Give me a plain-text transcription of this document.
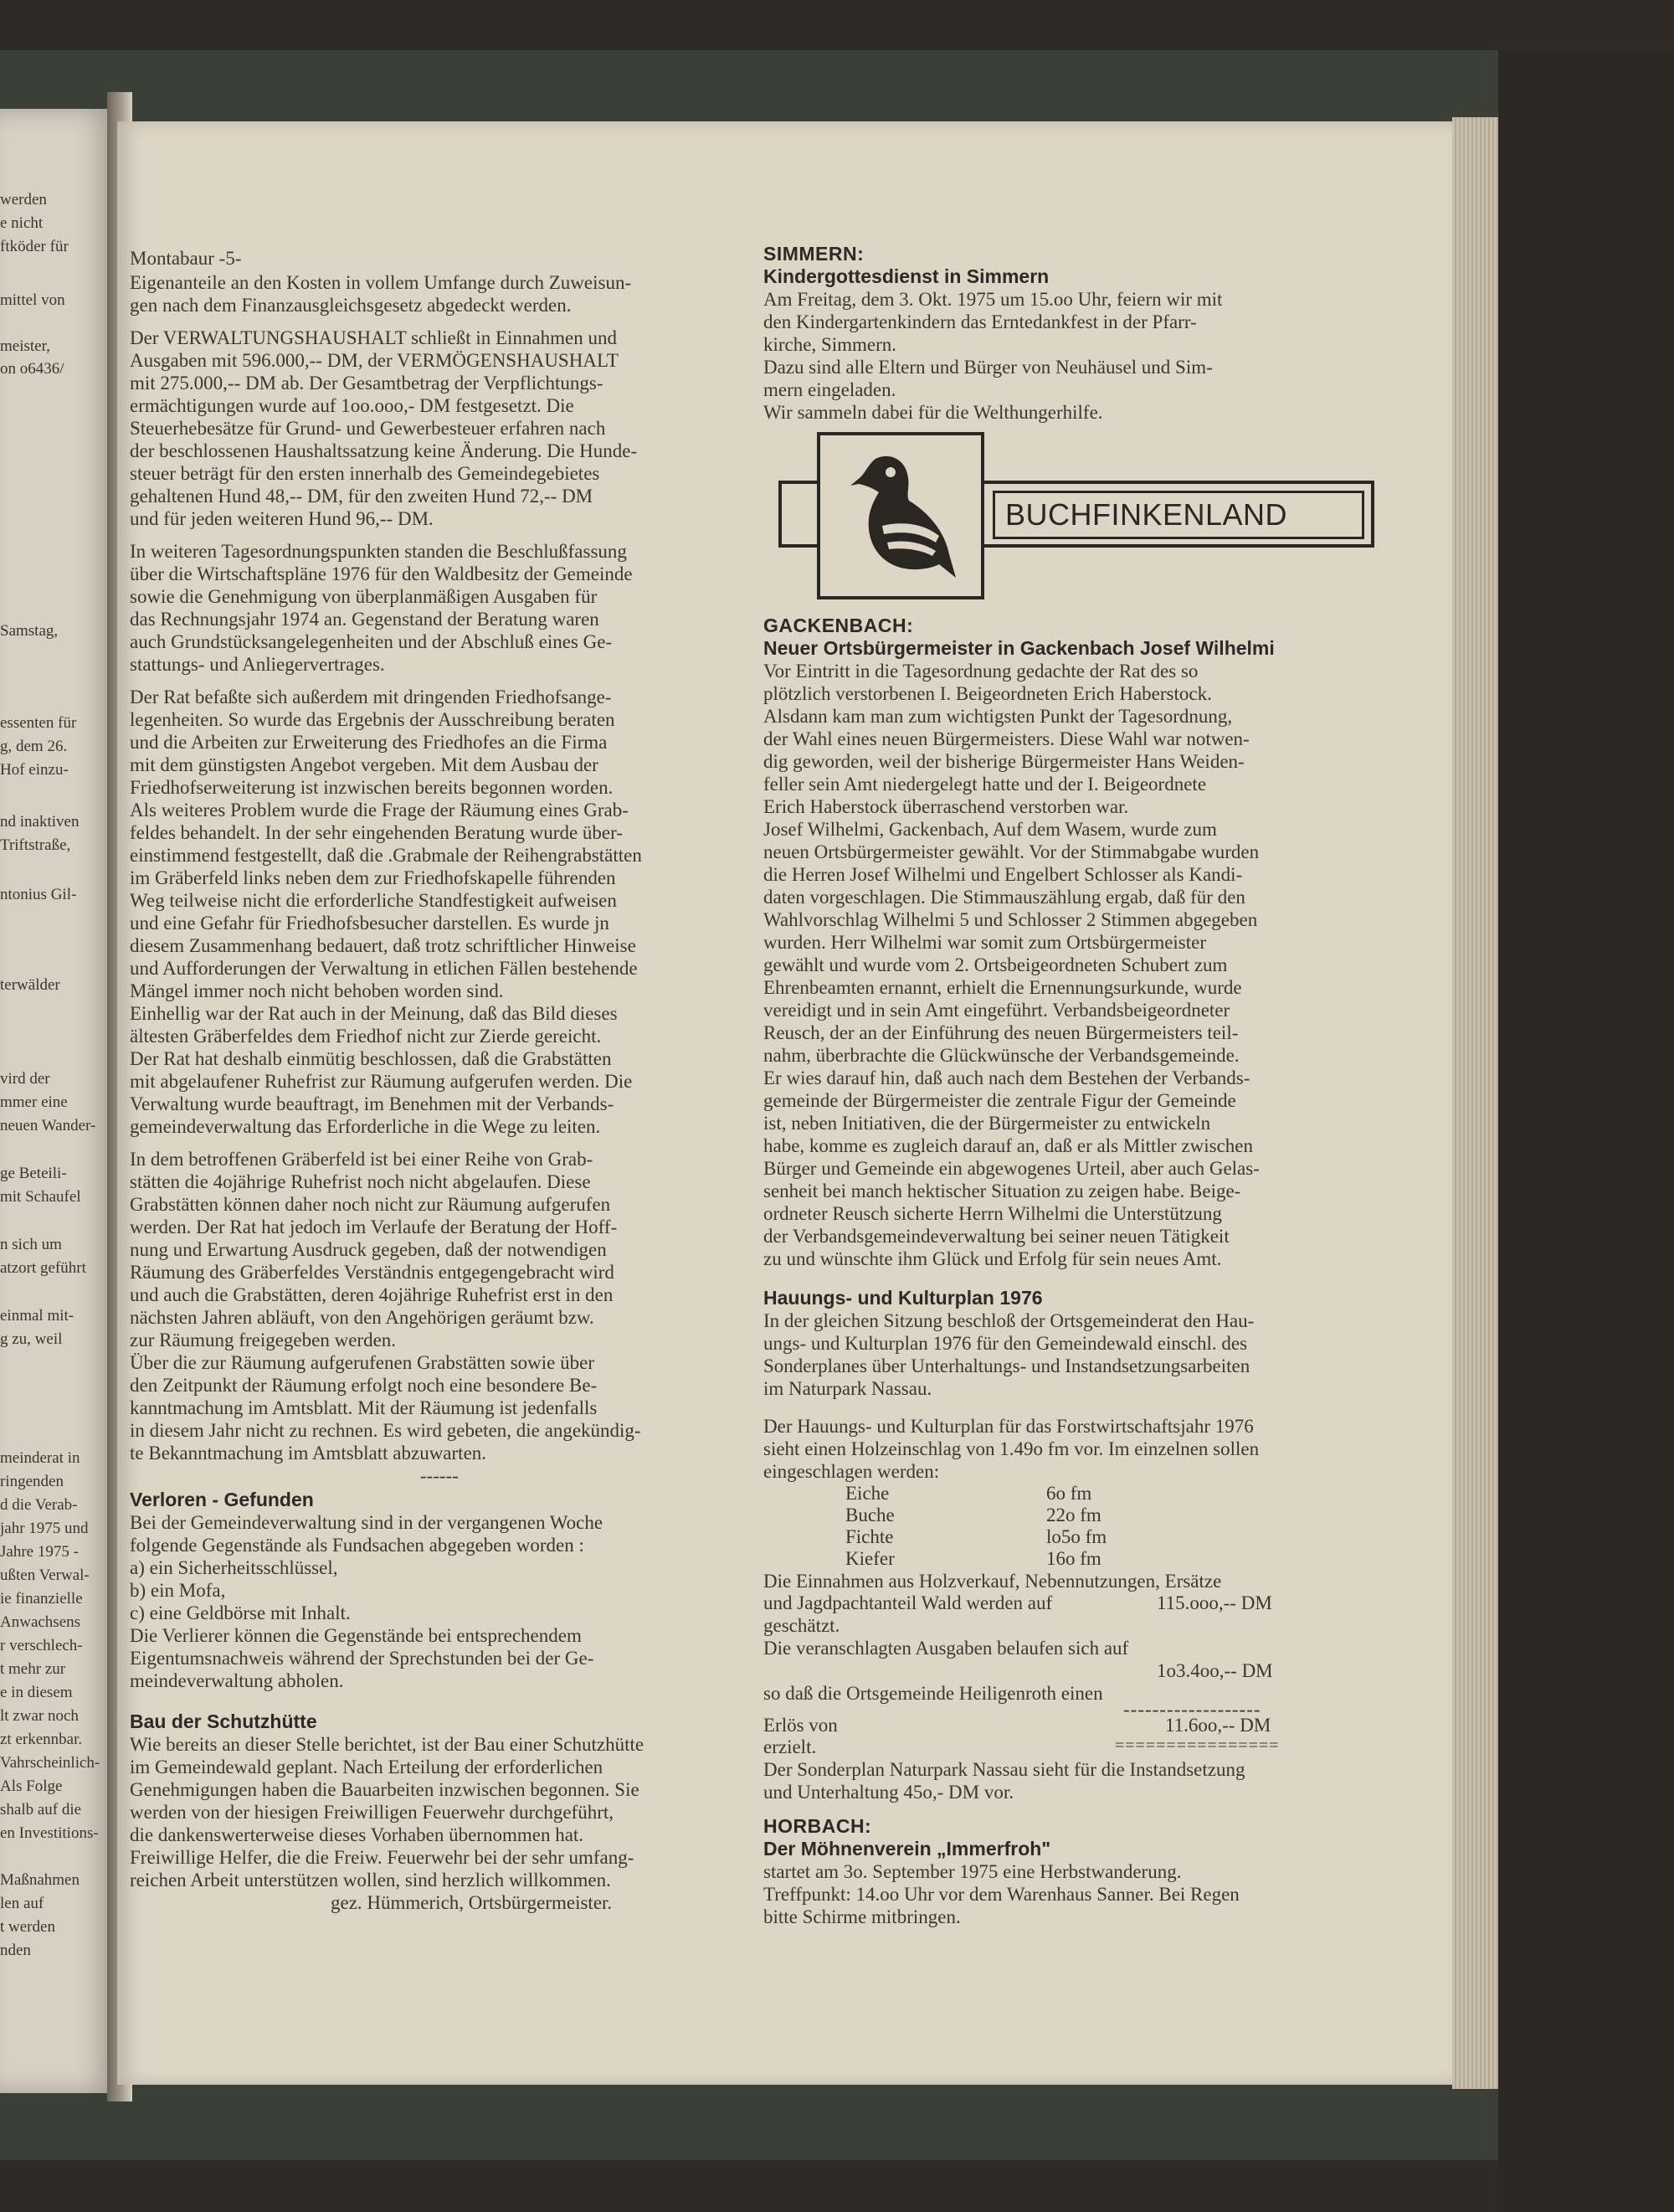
werden

e nicht

ftköder für

mittel von

meister,

on o6436/

Samstag,

essenten für

g, dem 26.

Hof einzu-

nd inaktiven

Triftstraße,

ntonius Gil-

terwälder

vird der

mmer eine

neuen Wander-

ge Beteili-

mit Schaufel

n sich um

atzort geführt

einmal mit-

g zu, weil

meinderat in

ringenden

d die Verab-

jahr 1975 und

Jahre 1975 -

ußten Verwal-

ie finanzielle

Anwachsens

r verschlech-

t mehr zur

e in diesem

lt zwar noch

zt erkennbar.

Vahrscheinlich-

Als Folge

shalb auf die

en Investitions-

Maßnahmen

len auf

t werden

nden

Montabaur -5-

Eigenanteile an den Kosten in vollem Umfange durch Zuweisun-

gen nach dem Finanzausgleichsgesetz abgedeckt werden.

Der VERWALTUNGSHAUSHALT schließt in Einnahmen und

Ausgaben mit 596.000,-- DM, der VERMÖGENSHAUSHALT

mit 275.000,-- DM ab. Der Gesamtbetrag der Verpflichtungs-

ermächtigungen wurde auf 1oo.ooo,- DM festgesetzt. Die

Steuerhebesätze für Grund- und Gewerbesteuer erfahren nach

der beschlossenen Haushaltssatzung keine Änderung. Die Hunde-

steuer beträgt für den ersten innerhalb des Gemeindegebietes

gehaltenen Hund 48,-- DM, für den zweiten Hund 72,-- DM

und für jeden weiteren Hund 96,-- DM.

In weiteren Tagesordnungspunkten standen die Beschlußfassung

über die Wirtschaftspläne 1976 für den Waldbesitz der Gemeinde

sowie die Genehmigung von überplanmäßigen Ausgaben für

das Rechnungsjahr 1974 an. Gegenstand der Beratung waren

auch Grundstücksangelegenheiten und der Abschluß eines Ge-

stattungs- und Anliegervertrages.

Der Rat befaßte sich außerdem mit dringenden Friedhofsange-

legenheiten. So wurde das Ergebnis der Ausschreibung beraten

und die Arbeiten zur Erweiterung des Friedhofes an die Firma

mit dem günstigsten Angebot vergeben. Mit dem Ausbau der

Friedhofserweiterung ist inzwischen bereits begonnen worden.

Als weiteres Problem wurde die Frage der Räumung eines Grab-

feldes behandelt. In der sehr eingehenden Beratung wurde über-

einstimmend festgestellt, daß die .Grabmale der Reihengrabstätten

im Gräberfeld links neben dem zur Friedhofskapelle führenden

Weg teilweise nicht die erforderliche Standfestigkeit aufweisen

und eine Gefahr für Friedhofsbesucher darstellen. Es wurde jn

diesem Zusammenhang bedauert, daß trotz schriftlicher Hinweise

und Aufforderungen der Verwaltung in etlichen Fällen bestehende

Mängel immer noch nicht behoben worden sind.

Einhellig war der Rat auch in der Meinung, daß das Bild dieses

ältesten Gräberfeldes dem Friedhof nicht zur Zierde gereicht.

Der Rat hat deshalb einmütig beschlossen, daß die Grabstätten

mit abgelaufener Ruhefrist zur Räumung aufgerufen werden. Die

Verwaltung wurde beauftragt, im Benehmen mit der Verbands-

gemeindeverwaltung das Erforderliche in die Wege zu leiten.

In dem betroffenen Gräberfeld ist bei einer Reihe von Grab-

stätten die 4ojährige Ruhefrist noch nicht abgelaufen. Diese

Grabstätten können daher noch nicht zur Räumung aufgerufen

werden. Der Rat hat jedoch im Verlaufe der Beratung der Hoff-

nung und Erwartung Ausdruck gegeben, daß der notwendigen

Räumung des Gräberfeldes Verständnis entgegengebracht wird

und auch die Grabstätten, deren 4ojährige Ruhefrist erst in den

nächsten Jahren abläuft, von den Angehörigen geräumt bzw.

zur Räumung freigegeben werden.

Über die zur Räumung aufgerufenen Grabstätten sowie über

den Zeitpunkt der Räumung erfolgt noch eine besondere Be-

kanntmachung im Amtsblatt. Mit der Räumung ist jedenfalls

in diesem Jahr nicht zu rechnen. Es wird gebeten, die angekündig-

te Bekanntmachung im Amtsblatt abzuwarten.

------

Verloren - Gefunden

Bei der Gemeindeverwaltung sind in der vergangenen Woche

folgende Gegenstände als Fundsachen abgegeben worden :

a) ein Sicherheitsschlüssel,

b) ein Mofa,

c) eine Geldbörse mit Inhalt.

Die Verlierer können die Gegenstände bei entsprechendem

Eigentumsnachweis während der Sprechstunden bei der Ge-

meindeverwaltung abholen.

Bau der Schutzhütte

Wie bereits an dieser Stelle berichtet, ist der Bau einer Schutzhütte

im Gemeindewald geplant. Nach Erteilung der erforderlichen

Genehmigungen haben die Bauarbeiten inzwischen begonnen. Sie

werden von der hiesigen Freiwilligen Feuerwehr durchgeführt,

die dankenswerterweise dieses Vorhaben übernommen hat.

Freiwillige Helfer, die die Freiw. Feuerwehr bei der sehr umfang-

reichen Arbeit unterstützen wollen, sind herzlich willkommen.

gez. Hümmerich, Ortsbürgermeister.

SIMMERN:

Kindergottesdienst in Simmern

Am Freitag, dem 3. Okt. 1975 um 15.oo Uhr, feiern wir mit

den Kindergartenkindern das Erntedankfest in der Pfarr-

kirche, Simmern.

Dazu sind alle Eltern und Bürger von Neuhäusel und Sim-

mern eingeladen.

Wir sammeln dabei für die Welthungerhilfe.

BUCHFINKENLAND

GACKENBACH:

Neuer Ortsbürgermeister in Gackenbach Josef Wilhelmi

Vor Eintritt in die Tagesordnung gedachte der Rat des so

plötzlich verstorbenen I. Beigeordneten Erich Haberstock.

Alsdann kam man zum wichtigsten Punkt der Tagesordnung,

der Wahl eines neuen Bürgermeisters. Diese Wahl war notwen-

dig geworden, weil der bisherige Bürgermeister Hans Weiden-

feller sein Amt niedergelegt hatte und der I. Beigeordnete

Erich Haberstock überraschend verstorben war.

Josef Wilhelmi, Gackenbach, Auf dem Wasem, wurde zum

neuen Ortsbürgermeister gewählt. Vor der Stimmabgabe wurden

die Herren Josef Wilhelmi und Engelbert Schlosser als Kandi-

daten vorgeschlagen. Die Stimmauszählung ergab, daß für den

Wahlvorschlag Wilhelmi 5 und Schlosser 2 Stimmen abgegeben

wurden. Herr Wilhelmi war somit zum Ortsbürgermeister

gewählt und wurde vom 2. Ortsbeigeordneten Schubert zum

Ehrenbeamten ernannt, erhielt die Ernennungsurkunde, wurde

vereidigt und in sein Amt eingeführt. Verbandsbeigeordneter

Reusch, der an der Einführung des neuen Bürgermeisters teil-

nahm, überbrachte die Glückwünsche der Verbandsgemeinde.

Er wies darauf hin, daß auch nach dem Bestehen der Verbands-

gemeinde der Bürgermeister die zentrale Figur der Gemeinde

ist, neben Initiativen, die der Bürgermeister zu entwickeln

habe, komme es zugleich darauf an, daß er als Mittler zwischen

Bürger und Gemeinde ein abgewogenes Urteil, aber auch Gelas-

senheit bei manch hektischer Situation zu zeigen habe. Beige-

ordneter Reusch sicherte Herrn Wilhelmi die Unterstützung

der Verbandsgemeindeverwaltung bei seiner neuen Tätigkeit

zu und wünschte ihm Glück und Erfolg für sein neues Amt.

Hauungs- und Kulturplan 1976

In der gleichen Sitzung beschloß der Ortsgemeinderat den Hau-

ungs- und Kulturplan 1976 für den Gemeindewald einschl. des

Sonderplanes über Unterhaltungs- und Instandsetzungsarbeiten

im Naturpark Nassau.

Der Hauungs- und Kulturplan für das Forstwirtschaftsjahr 1976

sieht einen Holzeinschlag von 1.49o fm vor. Im einzelnen sollen

eingeschlagen werden:

Eiche	6o fm
Buche	22o fm
Fichte	lo5o fm
Kiefer	16o fm

Die Einnahmen aus Holzverkauf, Nebennutzungen, Ersätze

und Jagdpachtanteil Wald werden auf	115.ooo,-- DM

geschätzt.

Die veranschlagten Ausgaben belaufen sich auf

1o3.4oo,-- DM

so daß die Ortsgemeinde Heiligenroth einen

-------------------

Erlös von	11.6oo,-- DM
erzielt.	================

Der Sonderplan Naturpark Nassau sieht für die Instandsetzung

und Unterhaltung 45o,- DM vor.

HORBACH:

Der Möhnenverein „Immerfroh"

startet am 3o. September 1975 eine Herbstwanderung.

Treffpunkt: 14.oo Uhr vor dem Warenhaus Sanner. Bei Regen

bitte Schirme mitbringen.
